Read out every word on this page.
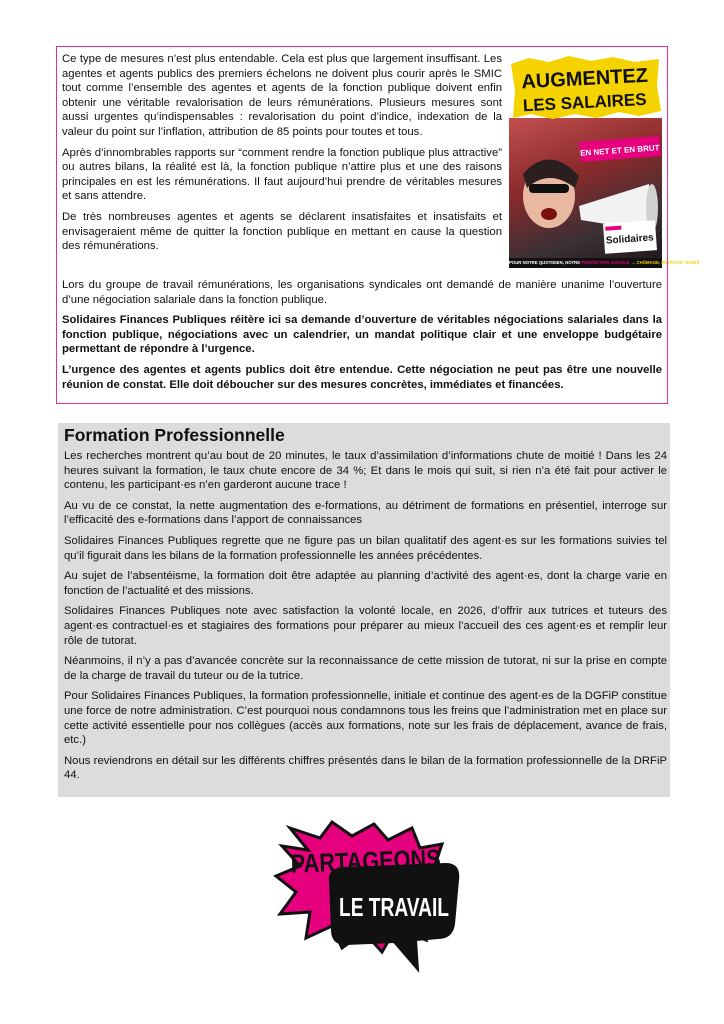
Ce type de mesures n’est plus entendable. Cela est plus que largement insuffisant. Les agentes et agents publics des premiers échelons ne doivent plus courir après le SMIC tout comme l’ensemble des agentes et agents de la fonction publique doivent enfin obtenir une véritable revalorisation de leurs rémunérations. Plusieurs mesures sont aussi urgentes qu’indispensables : revalorisation du point d’indice, indexation de la valeur du point sur l’inflation, attribution de 85 points pour toutes et tous.

Après d’innombrables rapports sur “comment rendre la fonction publique plus attractive” ou autres bilans, la réalité est là, la fonction publique n’attire plus et une des raisons principales en est les rémunérations. Il faut aujourd’hui prendre de véritables mesures et sans attendre.

De très nombreuses agentes et agents se déclarent insatisfaites et insatisfaits et envisageraient même de quitter la fonction publique en mettant en cause la question des rémunérations.

Lors du groupe de travail rémunérations, les organisations syndicales ont demandé de manière unanime l’ouverture d’une négociation salariale dans la fonction publique.

Solidaires Finances Publiques réitère ici sa demande d’ouverture de véritables négociations salariales dans la fonction publique, négociations avec un calendrier, un mandat politique clair et une enveloppe budgétaire permettant de répondre à l’urgence.

L’urgence des agentes et agents publics doit être entendue. Cette négociation ne peut pas être une nouvelle réunion de constat. Elle doit déboucher sur des mesures concrètes, immédiates et financées.

AUGMENTEZ
LES SALAIRES
EN NET ET EN BRUT
Solidaires
POUR NOTRE QUOTIDIEN, NOTRE PROTECTION SOCIALE → CHÔMAGE, RETRAITE, SANTÉ
Formation Professionnelle

Les recherches montrent qu’au bout de 20 minutes, le taux d’assimilation d’informations chute de moitié ! Dans les 24 heures suivant la formation, le taux chute encore de 34 %; Et dans le mois qui suit, si rien n’a été fait pour activer le contenu, les participant·es n’en garderont aucune trace !

Au vu de ce constat, la nette augmentation des e-formations, au détriment de formations en présentiel, interroge sur l’efficacité des e-formations dans l’apport de connaissances

Solidaires Finances Publiques regrette que ne figure pas un bilan qualitatif des agent·es sur les formations suivies tel qu’il figurait dans les bilans de la formation professionnelle les années précédentes.

Au sujet de l’absentéisme, la formation doit être adaptée au planning d’activité des agent·es, dont la charge varie en fonction de l’actualité et des missions.

Solidaires Finances Publiques note avec satisfaction la volonté locale, en 2026, d’offrir aux tutrices et tuteurs des agent·es contractuel·es et stagiaires des formations pour préparer au mieux l’accueil des ces agent·es et remplir leur rôle de tutorat.

Néanmoins, il n’y a pas d’avancée concrète sur la reconnaissance de cette mission de tutorat, ni sur la prise en compte de la charge de travail du tuteur ou de la tutrice.

Pour Solidaires Finances Publiques, la formation professionnelle, initiale et continue des agent·es de la DGFiP constitue une force de notre administration. C’est pourquoi nous condamnons tous les freins que l’administration met en place sur cette activité essentielle pour nos collègues (accès aux formations, note sur les frais de déplacement, avance de frais, etc.)

Nous reviendrons en détail sur les différents chiffres présentés dans le bilan de la formation professionnelle de la DRFiP 44.

PARTAGEONS
LE TRAVAIL
